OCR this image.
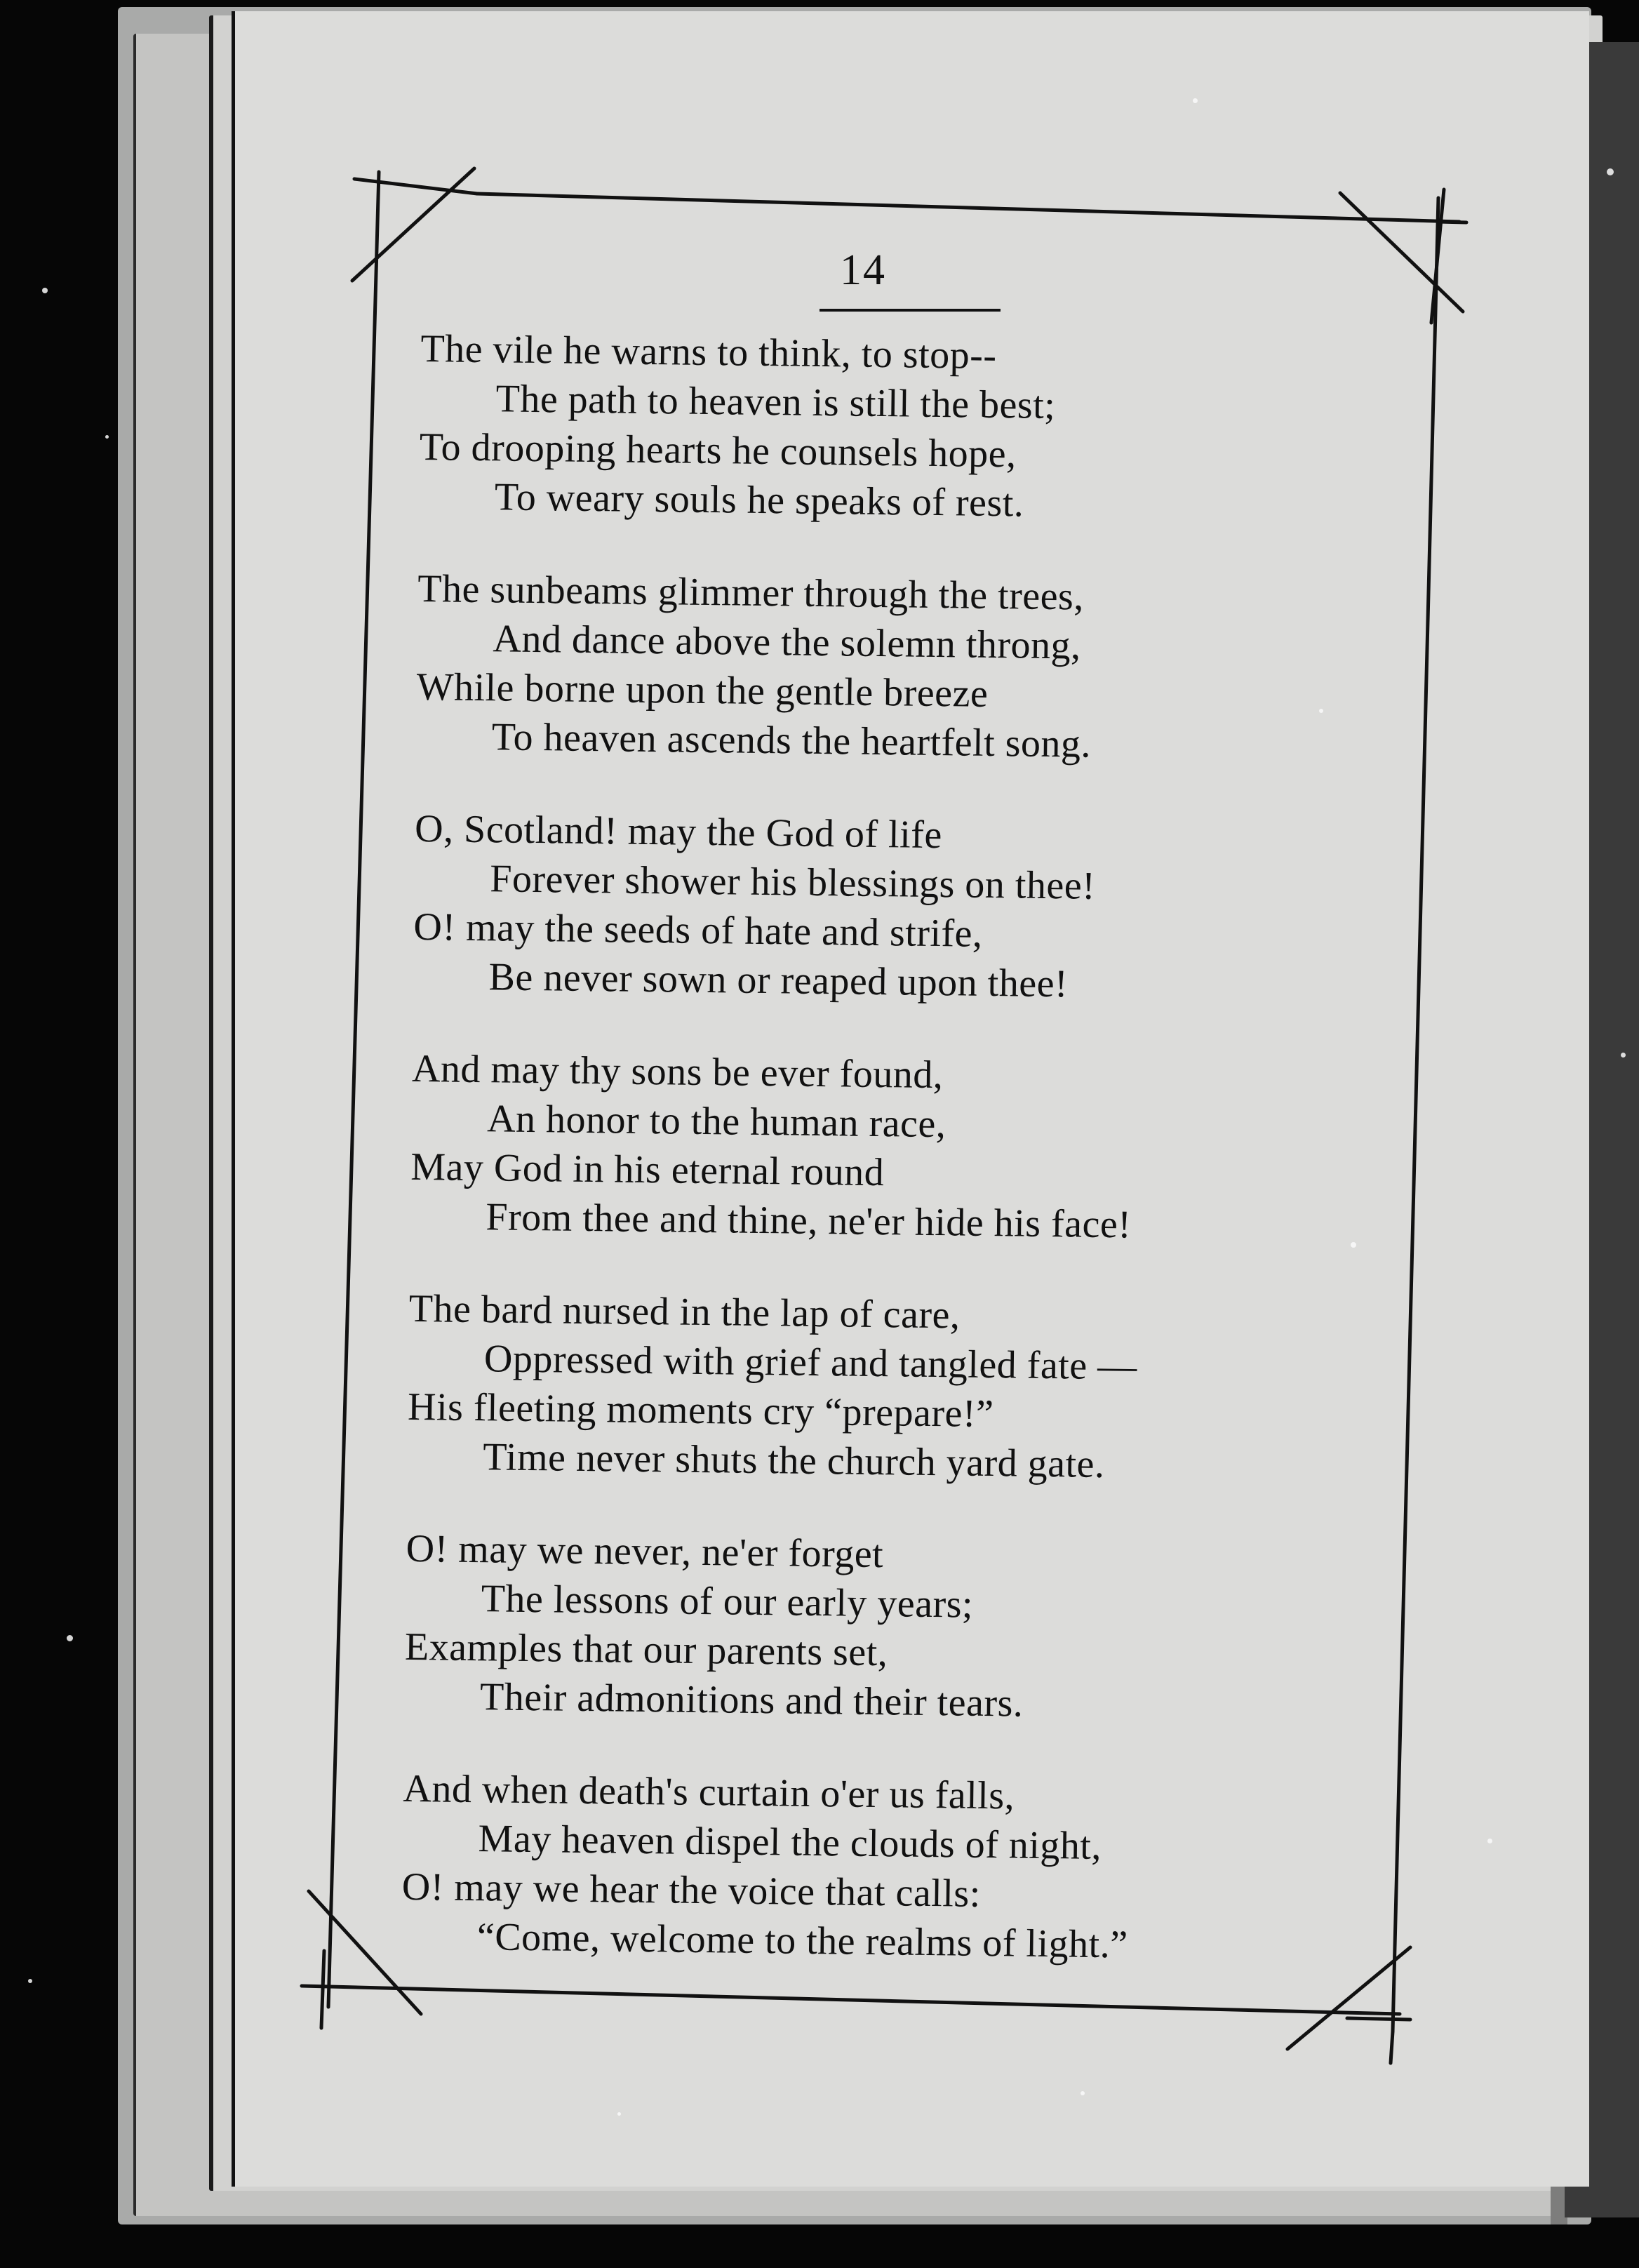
14
The vile he warns to think, to stop--
The path to heaven is still the best;
To drooping hearts he counsels hope,
To weary souls he speaks of rest.
The sunbeams glimmer through the trees,
And dance above the solemn throng,
While borne upon the gentle breeze
To heaven ascends the heartfelt song.
O, Scotland! may the God of life
Forever shower his blessings on thee!
O! may the seeds of hate and strife,
Be never sown or reaped upon thee!
And may thy sons be ever found,
An honor to the human race,
May God in his eternal round
From thee and thine, ne'er hide his face!
The bard nursed in the lap of care,
Oppressed with grief and tangled fate —
His fleeting moments cry “prepare!”
Time never shuts the church yard gate.
O! may we never, ne'er forget
The lessons of our early years;
Examples that our parents set,
Their admonitions and their tears.
And when death's curtain o'er us falls,
May heaven dispel the clouds of night,
O! may we hear the voice that calls:
“Come, welcome to the realms of light.”
